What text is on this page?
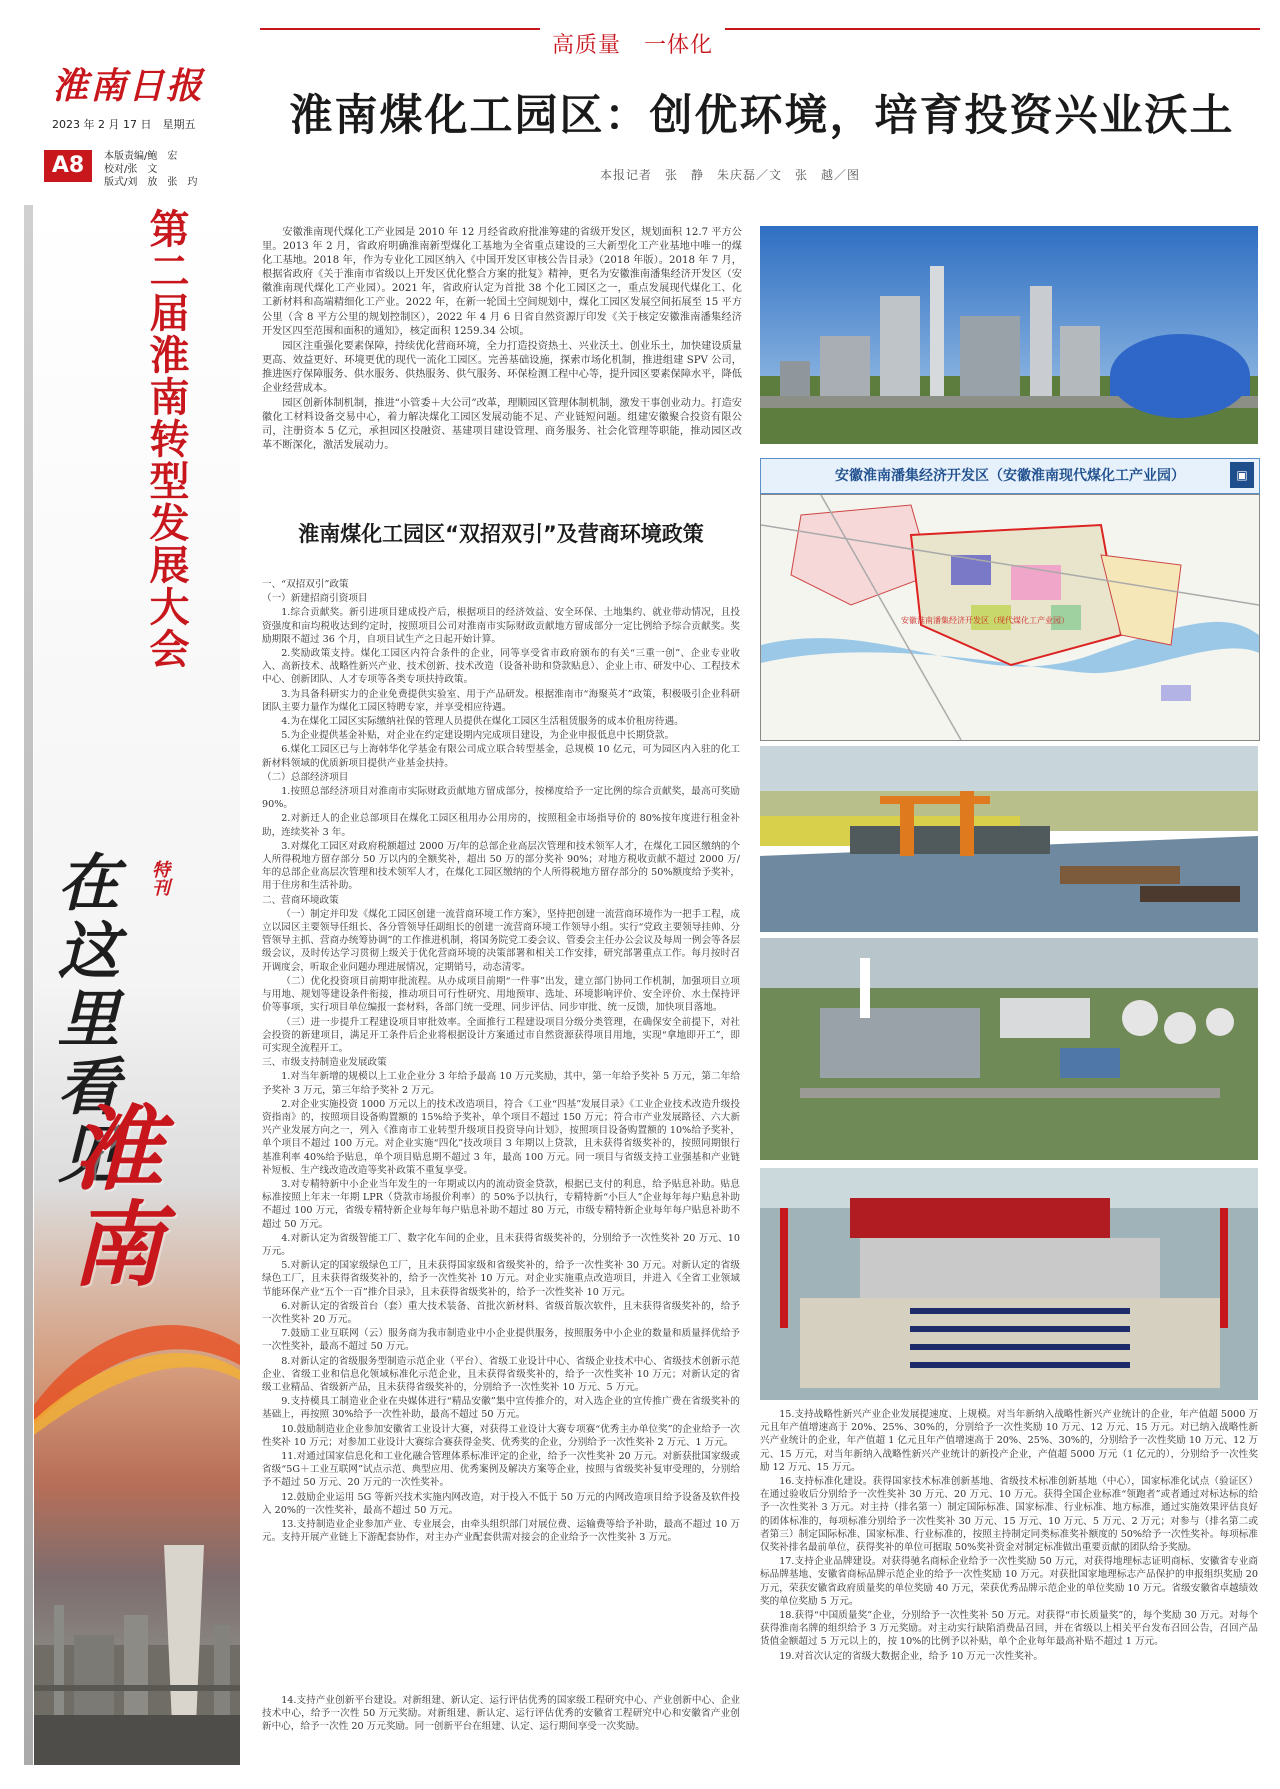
高质量　一体化
淮南日报
2023 年 2 月 17 日　星期五
A8	本版责编/鲍　宏
校对/张　文
版式/刘　放　张　玓
淮南煤化工园区：创优环境，培育投资兴业沃土
本报记者　张　静　朱庆磊／文　张　越／图
第二届淮南转型发展大会
特刊
在这里看见
淮南

安徽淮南现代煤化工产业园是 2010 年 12 月经省政府批准筹建的省级开发区，规划面积 12.7 平方公里。2013 年 2 月，省政府明确淮南新型煤化工基地为全省重点建设的三大新型化工产业基地中唯一的煤化工基地。2018 年，作为专业化工园区纳入《中国开发区审核公告目录》（2018 年版）。2018 年 7 月，根据省政府《关于淮南市省级以上开发区优化整合方案的批复》精神，更名为安徽淮南潘集经济开发区（安徽淮南现代煤化工产业园）。2021 年，省政府认定为首批 38 个化工园区之一，重点发展现代煤化工、化工新材料和高端精细化工产业。2022 年，在新一轮国土空间规划中，煤化工园区发展空间拓展至 15 平方公里（含 8 平方公里的规划控制区），2022 年 4 月 6 日省自然资源厅印发《关于核定安徽淮南潘集经济开发区四至范围和面积的通知》，核定面积 1259.34 公顷。

园区注重强化要素保障，持续优化营商环境，全力打造投资热土、兴业沃土、创业乐土，加快建设质量更高、效益更好、环境更优的现代一流化工园区。完善基础设施，探索市场化机制，推进组建 SPV 公司，推进医疗保障服务、供水服务、供热服务、供气服务、环保检测工程中心等，提升园区要素保障水平，降低企业经营成本。

园区创新体制机制，推进“小管委＋大公司”改革，理顺园区管理体制机制，激发干事创业动力。打造安徽化工材料设备交易中心，着力解决煤化工园区发展动能不足、产业链短问题。组建安徽聚合投资有限公司，注册资本 5 亿元，承担园区投融资、基建项目建设管理、商务服务、社会化管理等职能，推动园区改革不断深化，激活发展动力。

淮南煤化工园区“双招双引”及营商环境政策

一、“双招双引”政策

（一）新建招商引资项目

1.综合贡献奖。新引进项目建成投产后，根据项目的经济效益、安全环保、土地集约、就业带动情况，且投资强度和亩均税收达到约定时，按照项目公司对淮南市实际财政贡献地方留成部分一定比例给予综合贡献奖。奖励期限不超过 36 个月，自项目试生产之日起开始计算。

2.奖励政策支持。煤化工园区内符合条件的企业，同等享受省市政府颁布的有关“三重一创”、企业专业收入、高新技术、战略性新兴产业、技术创新、技术改造（设备补助和贷款贴息）、企业上市、研发中心、工程技术中心、创新团队、人才专项等各类专项扶持政策。

3.为具备科研实力的企业免费提供实验室、用于产品研发。根据淮南市“海聚英才”政策，积极吸引企业科研团队主要力量作为煤化工园区特聘专家，并享受相应待遇。

4.为在煤化工园区实际缴纳社保的管理人员提供在煤化工园区生活租赁服务的成本价租房待遇。

5.为企业提供基金补贴，对企业在约定建设期内完成项目建设，为企业申报低息中长期贷款。

6.煤化工园区已与上海韩华化学基金有限公司成立联合转型基金，总规模 10 亿元，可为园区内入驻的化工新材料领域的优质新项目提供产业基金扶持。

（二）总部经济项目

1.按照总部经济项目对淮南市实际财政贡献地方留成部分，按梯度给予一定比例的综合贡献奖，最高可奖励 90%。

2.对新迁人的企业总部项目在煤化工园区租用办公用房的，按照租金市场指导价的 80%按年度进行租金补助，连续奖补 3 年。

3.对煤化工园区对政府税额超过 2000 万/年的总部企业高层次管理和技术领军人才，在煤化工园区缴纳的个人所得税地方留存部分 50 万以内的全额奖补，超出 50 万的部分奖补 90%；对地方税收贡献不超过 2000 万/年的总部企业高层次管理和技术领军人才，在煤化工园区缴纳的个人所得税地方留存部分的 50%额度给予奖补，用于住房和生活补助。

二、营商环境政策

（一）制定并印发《煤化工园区创建一流营商环境工作方案》，坚持把创建一流营商环境作为一把手工程，成立以园区主要领导任组长、各分管领导任副组长的创建一流营商环境工作领导小组。实行“党政主要领导挂帅、分管领导主抓、营商办统筹协调”的工作推进机制，将国务院党工委会议、管委会主任办公会议及每周一例会等各层级会议，及时传达学习贯彻上级关于优化营商环境的决策部署和相关工作安排，研究部署重点工作。每月按时召开调度会，听取企业问题办理进展情况，定期销号，动态清零。

（二）优化投资项目前期审批流程。从办成项目前期“一件事”出发，建立部门协同工作机制，加强项目立项与用地、规划等建设条件衔接，推动项目可行性研究、用地预审、选址、环境影响评价、安全评价、水土保持评价等事项，实行项目单位编报一套材料，各部门统一受理、同步评估、同步审批、统一反馈，加快项目落地。

（三）进一步提升工程建设项目审批效率。全面推行工程建设项目分级分类管理，在确保安全前提下，对社会投资的新建项目，满足开工条件后企业将根据设计方案通过市自然资源获得项目用地，实现“拿地即开工”，即可实现全流程开工。

三、市级支持制造业发展政策

1.对当年新增的规模以上工业企业分 3 年给予最高 10 万元奖励，其中，第一年给予奖补 5 万元，第二年给予奖补 3 万元，第三年给予奖补 2 万元。

2.对企业实施投资 1000 万元以上的技术改造项目，符合《工业“四基”发展目录》《工业企业技术改造升级投资指南》的，按照项目设备购置额的 15%给予奖补，单个项目不超过 150 万元；符合市产业发展路径、六大新兴产业发展方向之一，列入《淮南市工业转型升级项目投资导向计划》，按照项目设备购置额的 10%给予奖补，单个项目不超过 100 万元。对企业实施“四化”技改项目 3 年期以上贷款，且未获得省级奖补的，按照同期银行基准利率 40%给予贴息，单个项目贴息期不超过 3 年，最高 100 万元。同一项目与省级支持工业强基和产业链补短板、生产线改造改造等奖补政策不重复享受。

3.对专精特新中小企业当年发生的一年期或以内的流动资金贷款，根据已支付的利息，给予贴息补助。贴息标准按照上年末一年期 LPR（贷款市场报价利率）的 50%予以执行，专精特新“小巨人”企业每年每户贴息补助不超过 100 万元，省级专精特新企业每年每户贴息补助不超过 80 万元，市级专精特新企业每年每户贴息补助不超过 50 万元。

4.对新认定为省级智能工厂、数字化车间的企业，且未获得省级奖补的，分别给予一次性奖补 20 万元、10 万元。

5.对新认定的国家级绿色工厂，且未获得国家级和省级奖补的，给予一次性奖补 30 万元。对新认定的省级绿色工厂，且未获得省级奖补的，给予一次性奖补 10 万元。对企业实施重点改造项目，并进入《全省工业领域节能环保产业“五个一百”推介目录》，且未获得省级奖补的，给予一次性奖补 10 万元。

6.对新认定的省级首台（套）重大技术装备、首批次新材料、省级首版次软件，且未获得省级奖补的，给予一次性奖补 20 万元。

7.鼓励工业互联网（云）服务商为我市制造业中小企业提供服务，按照服务中小企业的数量和质量择优给予一次性奖补，最高不超过 50 万元。

8.对新认定的省级服务型制造示范企业（平台）、省级工业设计中心、省级企业技术中心、省级技术创新示范企业、省级工业和信息化领域标准化示范企业，且未获得省级奖补的，给予一次性奖补 10 万元；对新认定的省级工业精品、省级新产品，且未获得省级奖补的，分别给予一次性奖补 10 万元、5 万元。

9.支持模具工制造业企业在央媒体进行“精品安徽”集中宣传推介的，对入选企业的宣传推广费在省级奖补的基础上，再按照 30%给予一次性补助，最高不超过 50 万元。

10.鼓励制造业企业参加安徽省工业设计大赛，对获得工业设计大赛专项赛“优秀主办单位奖”的企业给予一次性奖补 10 万元；对参加工业设计大赛综合赛获得金奖、优秀奖的企业，分别给予一次性奖补 2 万元、1 万元。

11.对通过国家信息化和工业化融合管理体系标准评定的企业，给予一次性奖补 20 万元。对新获批国家级或省级“5G＋工业互联网”试点示范、典型应用、优秀案例及解决方案等企业，按照与省级奖补复审受理的，分别给予不超过 50 万元、20 万元的一次性奖补。

12.鼓励企业运用 5G 等新兴技术实施内网改造，对于投入不低于 50 万元的内网改造项目给予设备及软件投入 20%的一次性奖补，最高不超过 50 万元。

13.支持制造业企业参加产业、专业展会，由牵头组织部门对展位费、运输费等给予补助，最高不超过 10 万元。支持开展产业链上下游配套协作，对主办产业配套供需对接会的企业给予一次性奖补 3 万元。

15.支持战略性新兴产业企业发展提速度、上规模。对当年新纳入战略性新兴产业统计的企业，年产值超 5000 万元且年产值增速高于 20%、25%、30%的，分别给予一次性奖励 10 万元、12 万元、15 万元。对已纳入战略性新兴产业统计的企业，年产值超 1 亿元且年产值增速高于 20%、25%、30%的，分别给予一次性奖励 10 万元、12 万元、15 万元，对当年新纳入战略性新兴产业统计的新投产企业，产值超 5000 万元（1 亿元的），分别给予一次性奖励 12 万元、15 万元。

16.支持标准化建设。获得国家技术标准创新基地、省级技术标准创新基地（中心），国家标准化试点（验证区）在通过验收后分别给予一次性奖补 30 万元、20 万元、10 万元。获得全国企业标准“领跑者”或者通过对标达标的给予一次性奖补 3 万元。对主持（排名第一）制定国际标准、国家标准、行业标准、地方标准，通过实施效果评估良好的团体标准的，每项标准分别给予一次性奖补 30 万元、15 万元、10 万元、5 万元、2 万元；对参与（排名第二或者第三）制定国际标准、国家标准、行业标准的，按照主持制定同类标准奖补额度的 50%给予一次性奖补。每项标准仅奖补排名最前单位，获得奖补的单位可据取 50%奖补资金对制定标准做出重要贡献的团队给予奖励。

17.支持企业品牌建设。对获得驰名商标企业给予一次性奖励 50 万元，对获得地理标志证明商标、安徽省专业商标品牌基地、安徽省商标品牌示范企业的给予一次性奖励 10 万元。对获批国家地理标志产品保护的申报组织奖励 20 万元，荣获安徽省政府质量奖的单位奖励 40 万元，荣获优秀品牌示范企业的单位奖励 10 万元。省级安徽省卓越绩效奖的单位奖励 5 万元。

18.获得“中国质量奖”企业，分别给予一次性奖补 50 万元。对获得“市长质量奖”的，每个奖励 30 万元。对每个获得淮南名牌的组织给予 3 万元奖励。对主动实行缺陷消费品召回，并在省级以上相关平台发布召回公告，召回产品货值金额超过 5 万元以上的，按 10%的比例予以补贴，单个企业每年最高补贴不超过 1 万元。

19.对首次认定的省级大数据企业，给予 10 万元一次性奖补。

14.支持产业创新平台建设。对新组建、新认定、运行评估优秀的国家级工程研究中心、产业创新中心、企业技术中心，给予一次性 50 万元奖励。对新组建、新认定、运行评估优秀的安徽省工程研究中心和安徽省产业创新中心，给予一次性 20 万元奖励。同一创新平台在组建、认定、运行期间享受一次奖励。

安徽淮南潘集经济开发区（安徽淮南现代煤化工产业园）	▣
安徽淮南潘集经济开发区（现代煤化工产业园）
